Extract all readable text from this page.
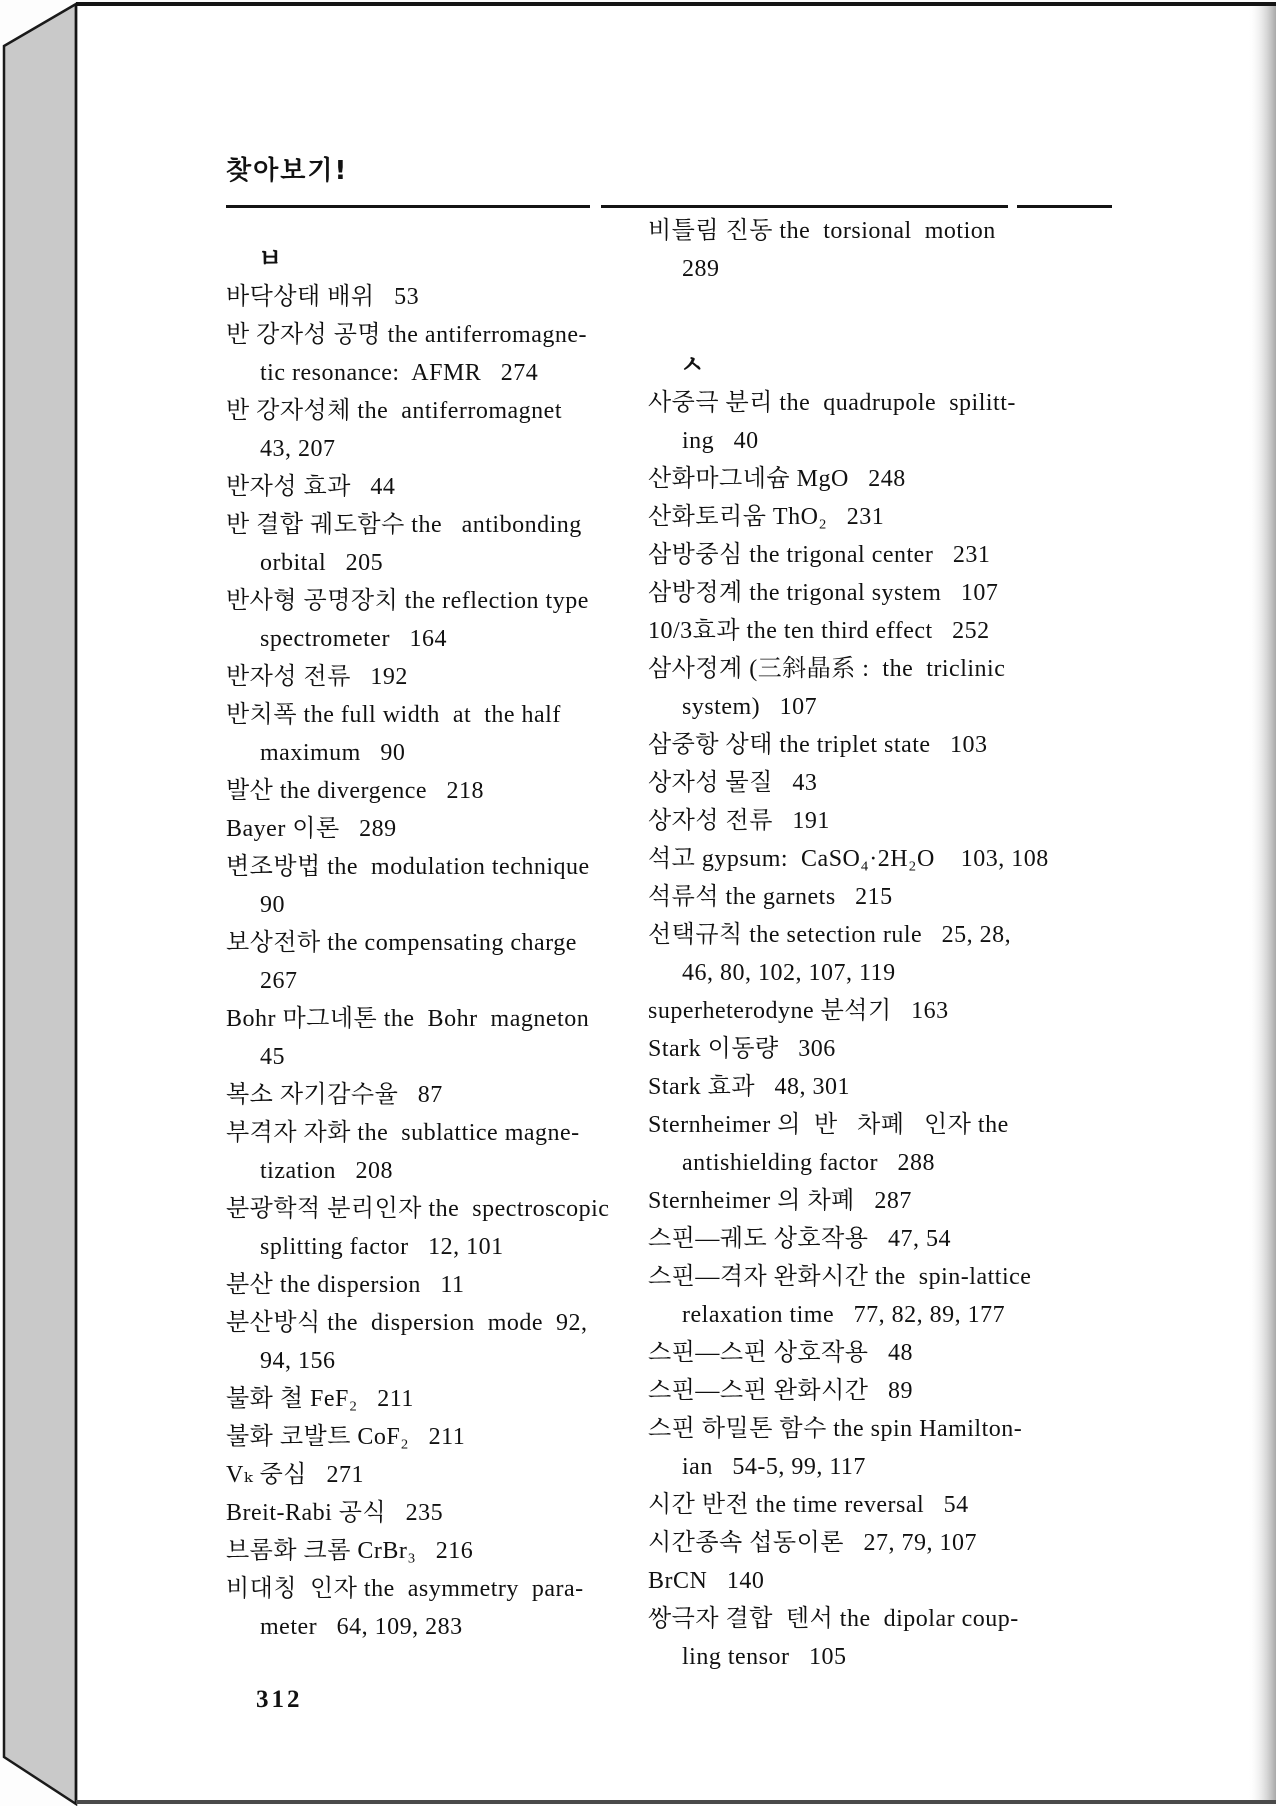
찾아보기!
ㅂ
바닥상태 배위   53
반 강자성 공명 the antiferromagne-
tic resonance:  AFMR   274
반 강자성체 the  antiferromagnet
43, 207
반자성 효과   44
반 결합 궤도함수 the   antibonding
orbital   205
반사형 공명장치 the reflection type
spectrometer   164
반자성 전류   192
반치폭 the full width  at  the half
maximum   90
발산 the divergence   218
Bayer 이론   289
변조방법 the  modulation technique
90
보상전하 the compensating charge
267
Bohr 마그네톤 the  Bohr  magneton
45
복소 자기감수율   87
부격자 자화 the  sublattice magne-
tization   208
분광학적 분리인자 the  spectroscopic
splitting factor   12, 101
분산 the dispersion   11
분산방식 the  dispersion  mode  92,
94, 156
불화 철 FeF₂   211
불화 코발트 CoF₂   211
Vₖ 중심   271
Breit-Rabi 공식   235
브롬화 크롬 CrBr₃   216
비대칭  인자 the  asymmetry  para-
meter   64, 109, 283
비틀림 진동 the  torsional  motion
289
ㅅ
사중극 분리 the  quadrupole  spilitt-
ing   40
산화마그네슘 MgO   248
산화토리움 ThO₂   231
삼방중심 the trigonal center   231
삼방정계 the trigonal system   107
10/3효과 the ten third effect   252
삼사정계 (三斜晶系 :  the  triclinic
system)   107
삼중항 상태 the triplet state   103
상자성 물질   43
상자성 전류   191
석고 gypsum:  CaSO₄·2H₂O    103, 108
석류석 the garnets   215
선택규칙 the setection rule   25, 28,
46, 80, 102, 107, 119
superheterodyne 분석기   163
Stark 이동량   306
Stark 효과   48, 301
Sternheimer 의  반   차폐   인자 the
antishielding factor   288
Sternheimer 의 차폐   287
스핀—궤도 상호작용   47, 54
스핀—격자 완화시간 the  spin-lattice
relaxation time   77, 82, 89, 177
스핀—스핀 상호작용   48
스핀—스핀 완화시간   89
스핀 하밀톤 함수 the spin Hamilton-
ian   54-5, 99, 117
시간 반전 the time reversal   54
시간종속 섭동이론   27, 79, 107
BrCN   140
쌍극자 결합  텐서 the  dipolar coup-
ling tensor   105
312
